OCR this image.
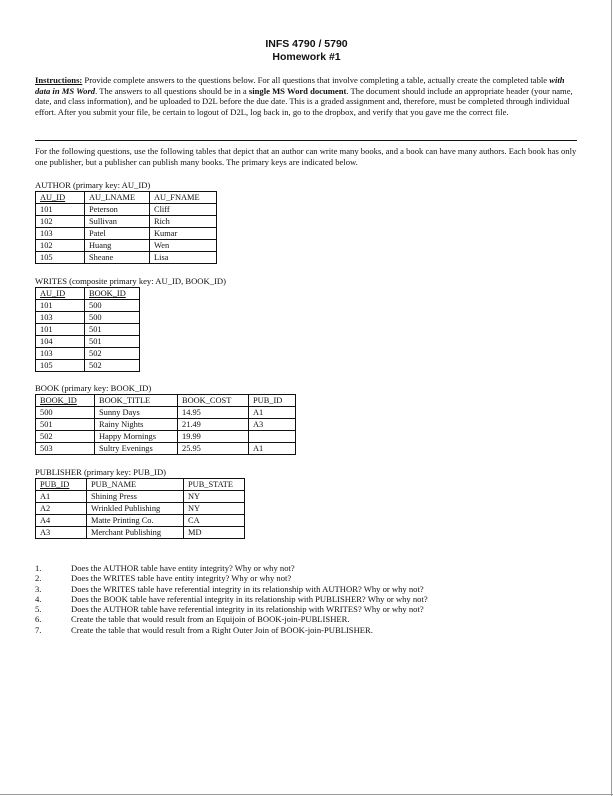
INFS 4790 / 5790
Homework #1

Instructions: Provide complete answers to the questions below. For all questions that involve completing a table, actually create the completed table with data in MS Word. The answers to all questions should be in a single MS Word document. The document should include an appropriate header (your name, date, and class information), and be uploaded to D2L before the due date. This is a graded assignment and, therefore, must be completed through individual effort. After you submit your file, be certain to logout of D2L, log back in, go to the dropbox, and verify that you gave me the correct file.

For the following questions, use the following tables that depict that an author can write many books, and a book can have many authors. Each book has only one publisher, but a publisher can publish many books. The primary keys are indicated below.

AUTHOR (primary key: AU_ID)
AU_ID	AU_LNAME	AU_FNAME
101	Peterson	Cliff
102	Sullivan	Rich
103	Patel	Kumar
102	Huang	Wen
105	Sheane	Lisa
WRITES (composite primary key: AU_ID, BOOK_ID)
AU_ID	BOOK_ID
101	500
103	500
101	501
104	501
103	502
105	502
BOOK (primary key: BOOK_ID)
BOOK_ID	BOOK_TITLE	BOOK_COST	PUB_ID
500	Sunny Days	14.95	A1
501	Rainy Nights	21.49	A3
502	Happy Mornings	19.99	
503	Sultry Evenings	25.95	A1
PUBLISHER (primary key: PUB_ID)
PUB_ID	PUB_NAME	PUB_STATE
A1	Shining Press	NY
A2	Wrinkled Publishing	NY
A4	Matte Printing Co.	CA
A3	Merchant Publishing	MD
1.	Does the AUTHOR table have entity integrity? Why or why not?
2.	Does the WRITES table have entity integrity? Why or why not?
3.	Does the WRITES table have referential integrity in its relationship with AUTHOR? Why or why not?
4.	Does the BOOK table have referential integrity in its relationship with PUBLISHER? Why or why not?
5.	Does the AUTHOR table have referential integrity in its relationship with WRITES? Why or why not?
6.	Create the table that would result from an Equijoin of BOOK-join-PUBLISHER.
7.	Create the table that would result from a Right Outer Join of BOOK-join-PUBLISHER.
